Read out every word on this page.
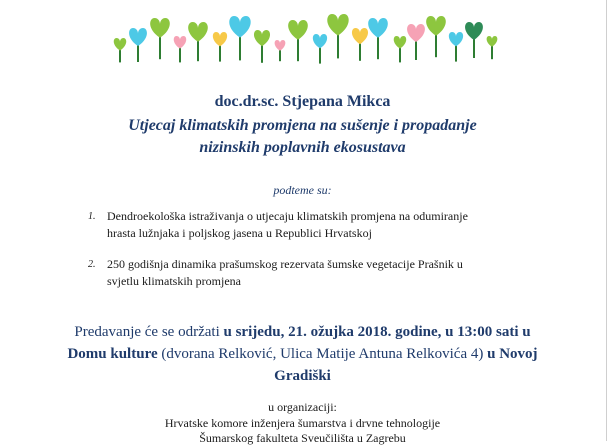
doc.dr.sc. Stjepana Mikca
Utjecaj klimatskih promjena na sušenje i propadanje
nizinskih poplavnih ekosustava
podteme su:
1. Dendroekološka istraživanja o utjecaju klimatskih promjena na odumiranje
hrasta lužnjaka i poljskog jasena u Republici Hrvatskoj
2. 250 godišnja dinamika prašumskog rezervata šumske vegetacije Prašnik u
svjetlu klimatskih promjena
Predavanje će se održati u srijedu, 21. ožujka 2018. godine, u 13:00 sati u Domu kulture (dvorana Relković, Ulica Matije Antuna Relkovića 4) u Novoj Gradiški
u organizaciji:
Hrvatske komore inženjera šumarstva i drvne tehnologije
Šumarskog fakulteta Sveučilišta u Zagrebu
